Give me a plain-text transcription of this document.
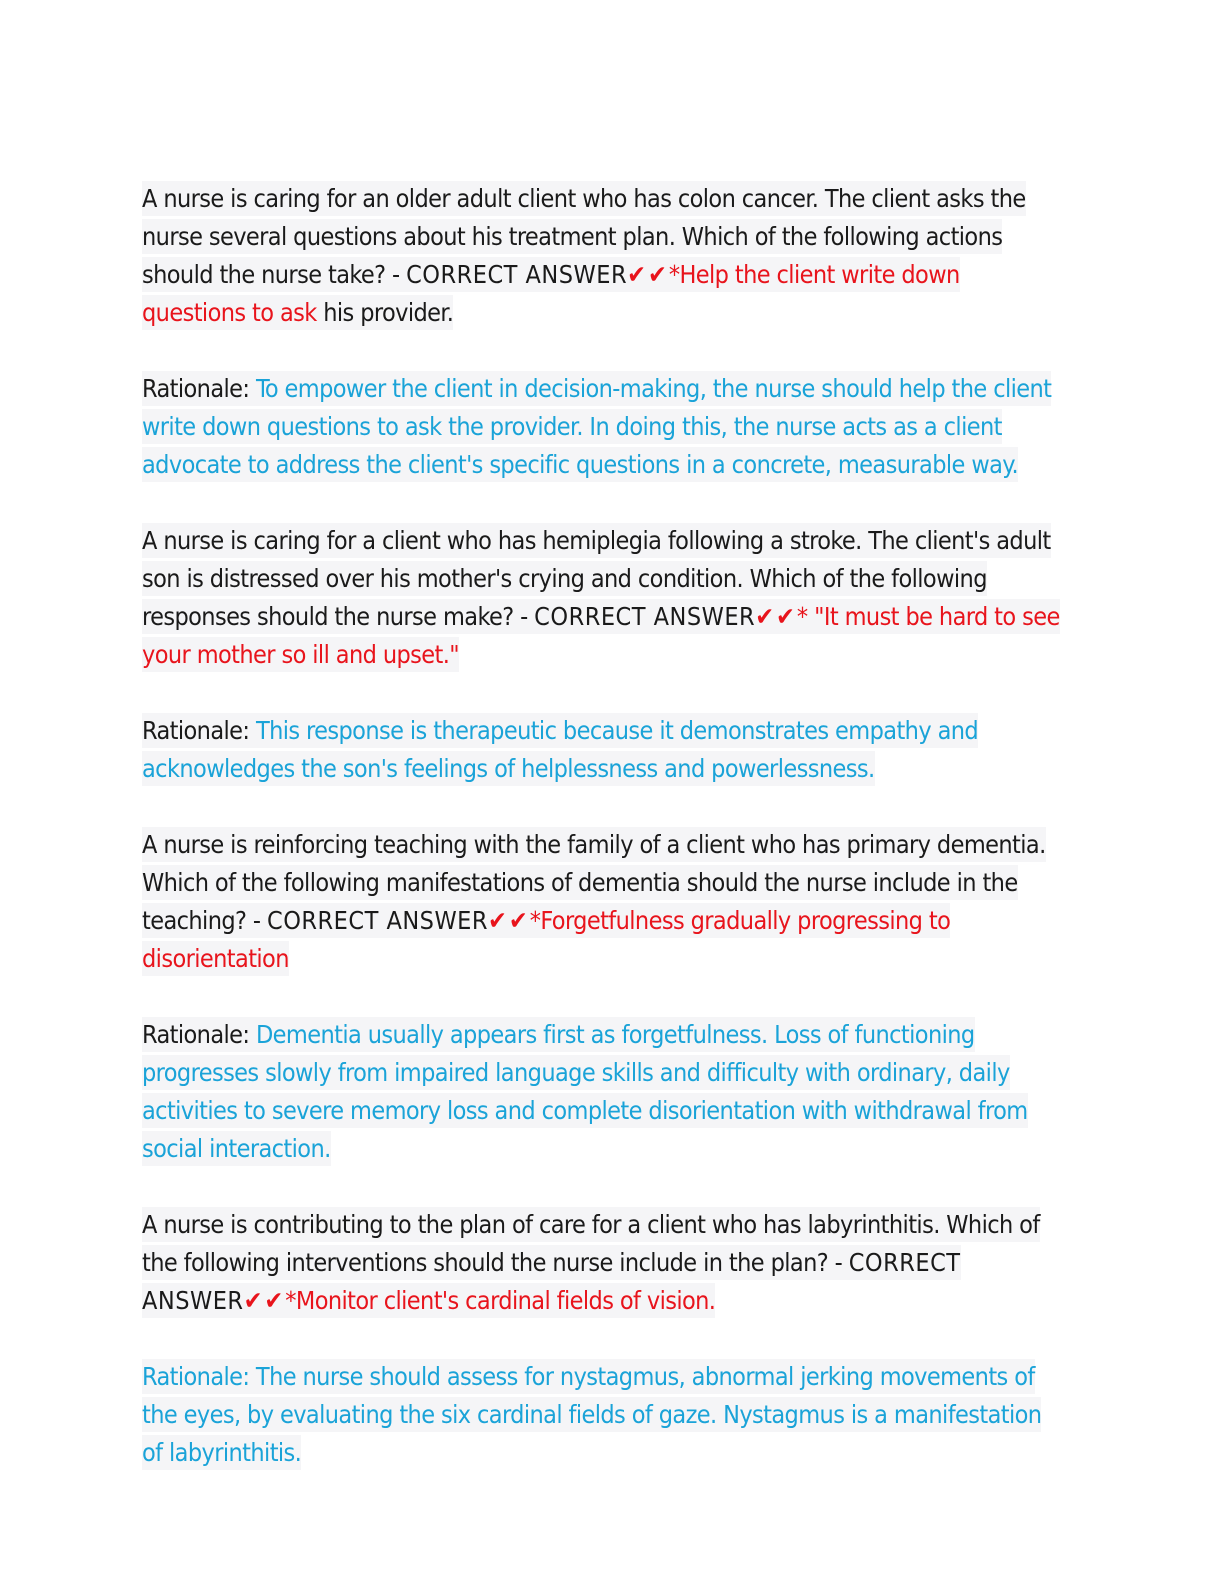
A nurse is caring for an older adult client who has colon cancer. The client asks the nurse several questions about his treatment plan. Which of the following actions should the nurse take? - CORRECT ANSWER✔✔*Help the client write down questions to ask his provider.

Rationale: To empower the client in decision-making, the nurse should help the client write down questions to ask the provider. In doing this, the nurse acts as a client advocate to address the client's specific questions in a concrete, measurable way.

A nurse is caring for a client who has hemiplegia following a stroke. The client's adult son is distressed over his mother's crying and condition. Which of the following responses should the nurse make? - CORRECT ANSWER✔✔* "It must be hard to see your mother so ill and upset."

Rationale: This response is therapeutic because it demonstrates empathy and acknowledges the son's feelings of helplessness and powerlessness.

A nurse is reinforcing teaching with the family of a client who has primary dementia. Which of the following manifestations of dementia should the nurse include in the teaching? - CORRECT ANSWER✔✔*Forgetfulness gradually progressing to disorientation

Rationale: Dementia usually appears first as forgetfulness. Loss of functioning progresses slowly from impaired language skills and difficulty with ordinary, daily activities to severe memory loss and complete disorientation with withdrawal from social interaction.

A nurse is contributing to the plan of care for a client who has labyrinthitis. Which of the following interventions should the nurse include in the plan? - CORRECT ANSWER✔✔*Monitor client's cardinal fields of vision.

Rationale: The nurse should assess for nystagmus, abnormal jerking movements of the eyes, by evaluating the six cardinal fields of gaze. Nystagmus is a manifestation of labyrinthitis.
